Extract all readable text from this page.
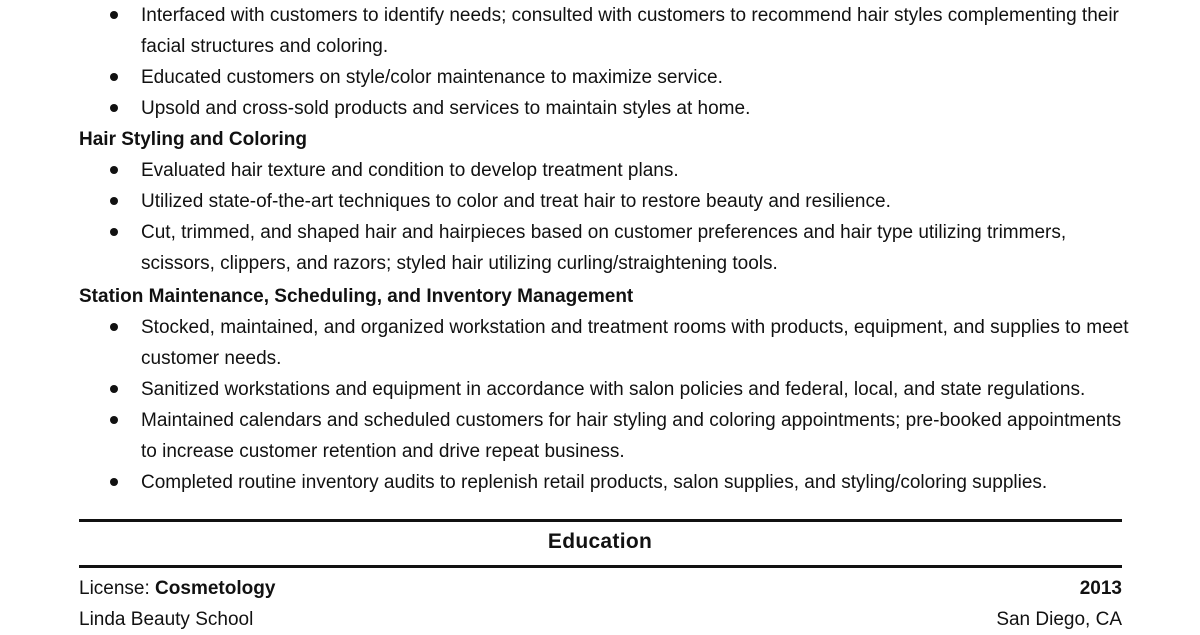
Interfaced with customers to identify needs; consulted with customers to recommend hair styles complementing their facial structures and coloring.
Educated customers on style/color maintenance to maximize service.
Upsold and cross-sold products and services to maintain styles at home.
Hair Styling and Coloring
Evaluated hair texture and condition to develop treatment plans.
Utilized state-of-the-art techniques to color and treat hair to restore beauty and resilience.
Cut, trimmed, and shaped hair and hairpieces based on customer preferences and hair type utilizing trimmers, scissors, clippers, and razors; styled hair utilizing curling/straightening tools.
Station Maintenance, Scheduling, and Inventory Management
Stocked, maintained, and organized workstation and treatment rooms with products, equipment, and supplies to meet customer needs.
Sanitized workstations and equipment in accordance with salon policies and federal, local, and state regulations.
Maintained calendars and scheduled customers for hair styling and coloring appointments; pre-booked appointments to increase customer retention and drive repeat business.
Completed routine inventory audits to replenish retail products, salon supplies, and styling/coloring supplies.
Education
License: Cosmetology	2013
Linda Beauty School	San Diego, CA
